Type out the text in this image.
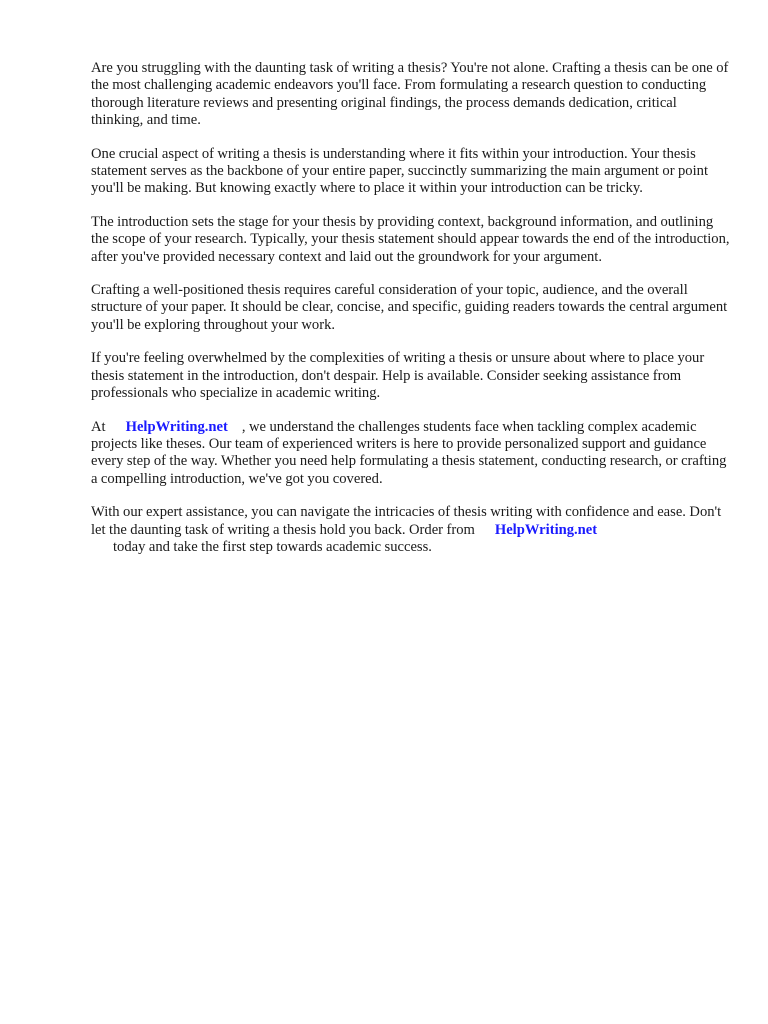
Are you struggling with the daunting task of writing a thesis? You're not alone. Crafting a thesis can be one of the most challenging academic endeavors you'll face. From formulating a research question to conducting thorough literature reviews and presenting original findings, the process demands dedication, critical thinking, and time.

One crucial aspect of writing a thesis is understanding where it fits within your introduction. Your thesis statement serves as the backbone of your entire paper, succinctly summarizing the main argument or point you'll be making. But knowing exactly where to place it within your introduction can be tricky.

The introduction sets the stage for your thesis by providing context, background information, and outlining the scope of your research. Typically, your thesis statement should appear towards the end of the introduction, after you've provided necessary context and laid out the groundwork for your argument.

Crafting a well-positioned thesis requires careful consideration of your topic, audience, and the overall structure of your paper. It should be clear, concise, and specific, guiding readers towards the central argument you'll be exploring throughout your work.

If you're feeling overwhelmed by the complexities of writing a thesis or unsure about where to place your thesis statement in the introduction, don't despair. Help is available. Consider seeking assistance from professionals who specialize in academic writing.

At HelpWriting.net , we understand the challenges students face when tackling complex academic projects like theses. Our team of experienced writers is here to provide personalized support and guidance every step of the way. Whether you need help formulating a thesis statement, conducting research, or crafting a compelling introduction, we've got you covered.

With our expert assistance, you can navigate the intricacies of thesis writing with confidence and ease. Don't let the daunting task of writing a thesis hold you back. Order from HelpWriting.net
today and take the first step towards academic success.
